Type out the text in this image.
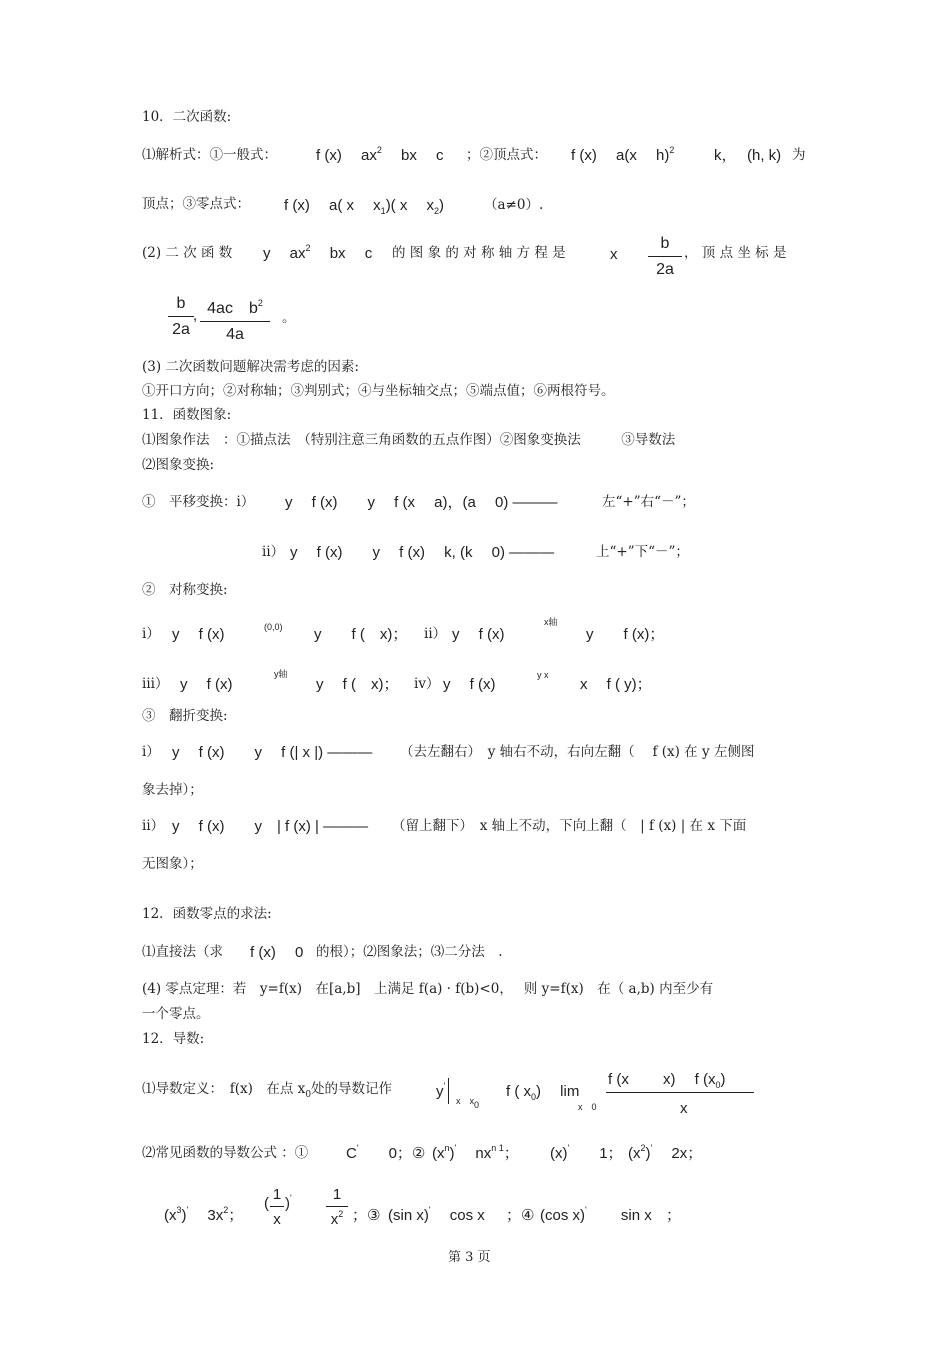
10．二次函数:
⑴解析式：①一般式：	f (x)　 $ax^2$　 bx　 c ；②顶点式： f (x)　 a(x　 h)$^2$	k， (h, k) 为
顶点；③零点式： f (x)　 a( x　 $x_1$)( x　 $x_2$)	（a≠0）.
(2) 二 次 函 数 y　 $ax^2$　 bx　 c 的 图 象 的 对 称 轴 方 程 是	x
b
2a
， 顶 点 坐 标 是
b
2a
, 4ac　$b^2$
4a
。
(3) 二次函数问题解决需考虑的因素:
①开口方向；②对称轴；③判别式；④与坐标轴交点；⑤端点值；⑥两根符号。
11．函数图象:
⑴图象作法　：①描点法　（特别注意三角函数的五点作图）②图象变换法　　　③导数法
⑵图象变换:
①　平移变换：ⅰ） y　 f (x)　　y　 f (x　 a)，(a　 0) ———	左“+”右“－”；
ⅱ） y　 f (x)　　y　 f (x)　 k, (k　 0) ———	上“+”下“－”；
②　对称变换:
ⅰ） y　 f (x)	(0,0) y　　f (　x)； ⅱ） y　 f (x)
x轴
y　　f (x)；
ⅲ） y　 f (x)
y轴
y　 f (　x)； ⅳ） y　 f (x)
y x
x　 f ( y)；
③　翻折变换:
ⅰ） y　 f (x)　　y　 f (| x |) ——— （去左翻右）　y 轴右不动，右向左翻（　 f (x) 在 y 左侧图
象去掉）；
ⅱ） y　 f (x)　　y　| f (x) | ——— （留上翻下）　x 轴上不动，下向上翻（　| f (x) | 在 x 下面
无图象）；
12．函数零点的求法:
⑴直接法（求 f (x)　 0 的根）；⑵图象法；⑶二分法　.
(4) 零点定理：若　y=f(x)　在[a,b]　上满足 f(a) · f(b)<0，　 则 y=f(x)　在（ a,b) 内至少有
一个零点。
12．导数:
⑴导数定义：　f(x)　在点 $x_0$处的导数记作	y'
x　$x_0$
f ( $x_0$)　 lim
x　0
f (x　　 x)　 f $(x_0)$
x
⑵常见函数的导数公式 ：①	C'　　0；② $(x^n)'$　 $nx^{n 1}$； (x)'　　1； $(x^2)'$　 2x；
$(x^3)'$　 $3x^2$；
(
1
x
)'	1
$x^2$ ；③ (sin x)'　 cos x ；④ (cos x)'　　 sin x ；
第 3 页
